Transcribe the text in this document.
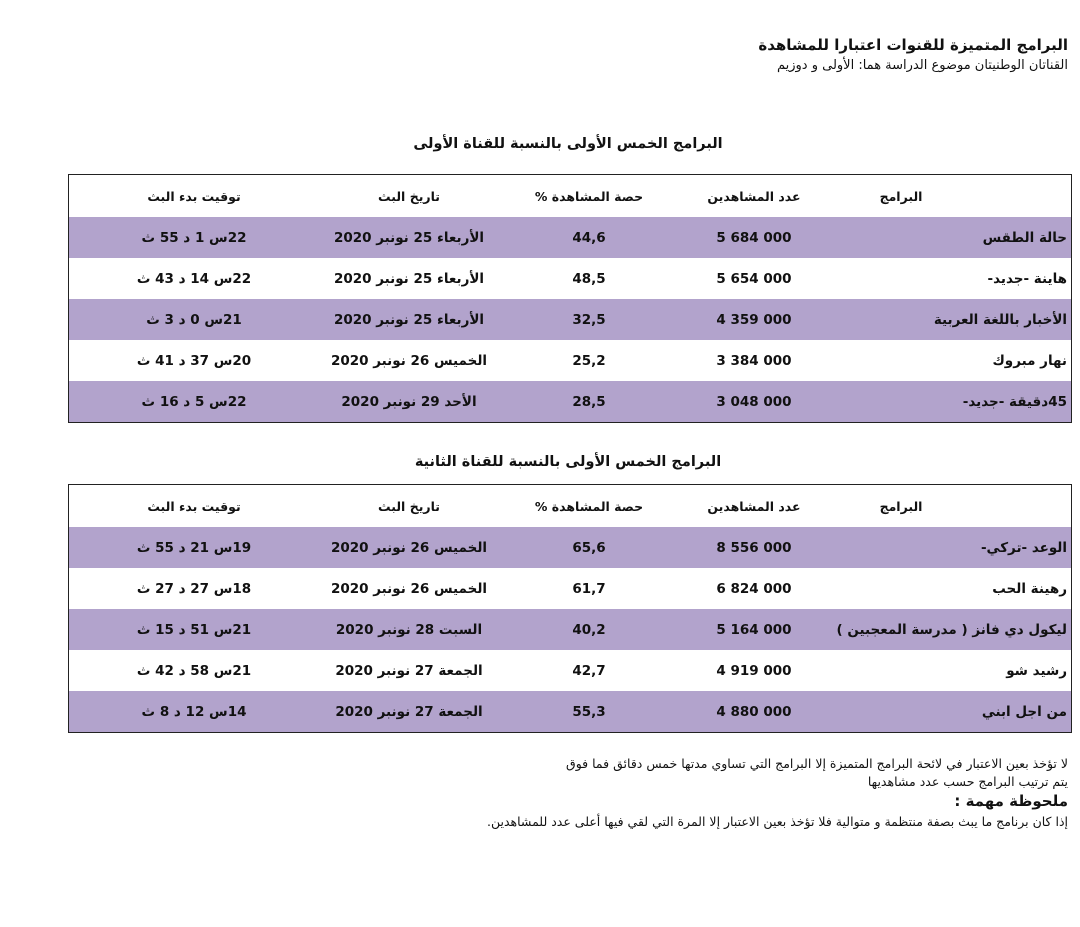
البرامج المتميزة للقنوات اعتبارا للمشاهدة
القناتان الوطنيتان موضوع الدراسة هما: الأولى و دوزيم
البرامج الخمس الأولى بالنسبة للقناة الأولى
البرامج
عدد المشاهدين
حصة المشاهدة %
تاريخ البث
توقيت بدء البث
حالة الطقس
5 684 000
44,6
الأربعاء 25 نونبر 2020
22س 1 د 55 ث
هاينة -جديد-
5 654 000
48,5
الأربعاء 25 نونبر 2020
22س 14 د 43 ث
الأخبار باللغة العربية
4 359 000
32,5
الأربعاء 25 نونبر 2020
21س 0 د 3 ث
نهار مبروك
3 384 000
25,2
الخميس 26 نونبر 2020
20س 37 د 41 ث
45دقيقة -جديد-
3 048 000
28,5
الأحد 29 نونبر 2020
22س 5 د 16 ث
البرامج الخمس الأولى بالنسبة للقناة الثانية
البرامج
عدد المشاهدين
حصة المشاهدة %
تاريخ البث
توقيت بدء البث
الوعد -تركي-
8 556 000
65,6
الخميس 26 نونبر 2020
19س 21 د 55 ث
رهينة الحب
6 824 000
61,7
الخميس 26 نونبر 2020
18س 27 د 27 ث
ليكول دي فانز ( مدرسة المعجبين )
5 164 000
40,2
السبت 28 نونبر 2020
21س 51 د 15 ث
رشيد شو
4 919 000
42,7
الجمعة 27 نونبر 2020
21س 58 د 42 ث
من اجل ابني
4 880 000
55,3
الجمعة 27 نونبر 2020
14س 12 د 8 ث
لا تؤخذ بعين الاعتبار في لائحة البرامج المتميزة إلا البرامج التي تساوي مدتها خمس دقائق فما فوق
يتم ترتيب البرامج حسب عدد مشاهديها
ملحوظة مهمة :
إذا كان برنامج ما يبث بصفة منتظمة و متوالية فلا تؤخذ بعين الاعتبار إلا المرة التي لقي فيها أعلى عدد للمشاهدين.
